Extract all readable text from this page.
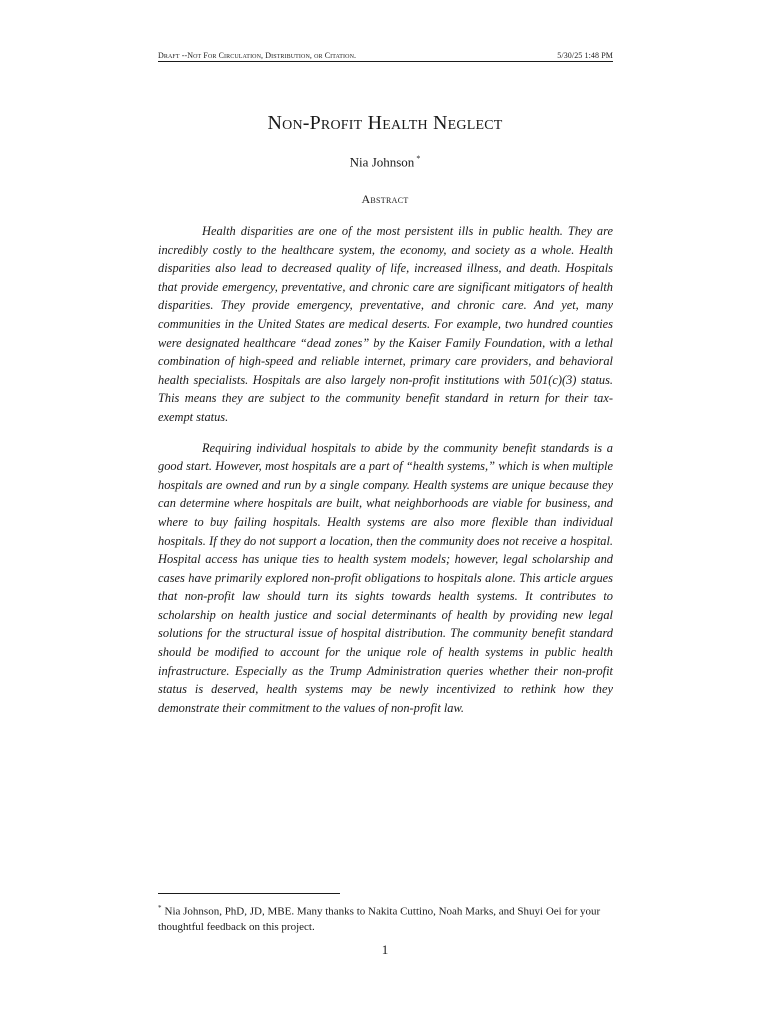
Draft --Not For Circulation, Distribution, or Citation.	5/30/25 1:48 PM
Non-Profit Health Neglect
Nia Johnson *
Abstract

Health disparities are one of the most persistent ills in public health. They are incredibly costly to the healthcare system, the economy, and society as a whole. Health disparities also lead to decreased quality of life, increased illness, and death. Hospitals that provide emergency, preventative, and chronic care are significant mitigators of health disparities. They provide emergency, preventative, and chronic care. And yet, many communities in the United States are medical deserts. For example, two hundred counties were designated healthcare “dead zones” by the Kaiser Family Foundation, with a lethal combination of high-speed and reliable internet, primary care providers, and behavioral health specialists. Hospitals are also largely non-profit institutions with 501(c)(3) status. This means they are subject to the community benefit standard in return for their tax-exempt status.

Requiring individual hospitals to abide by the community benefit standards is a good start. However, most hospitals are a part of “health systems,” which is when multiple hospitals are owned and run by a single company. Health systems are unique because they can determine where hospitals are built, what neighborhoods are viable for business, and where to buy failing hospitals. Health systems are also more flexible than individual hospitals. If they do not support a location, then the community does not receive a hospital. Hospital access has unique ties to health system models; however, legal scholarship and cases have primarily explored non-profit obligations to hospitals alone. This article argues that non-profit law should turn its sights towards health systems. It contributes to scholarship on health justice and social determinants of health by providing new legal solutions for the structural issue of hospital distribution. The community benefit standard should be modified to account for the unique role of health systems in public health infrastructure. Especially as the Trump Administration queries whether their non-profit status is deserved, health systems may be newly incentivized to rethink how they demonstrate their commitment to the values of non-profit law.

* Nia Johnson, PhD, JD, MBE. Many thanks to Nakita Cuttino, Noah Marks, and Shuyi Oei for your thoughtful feedback on this project.
1
